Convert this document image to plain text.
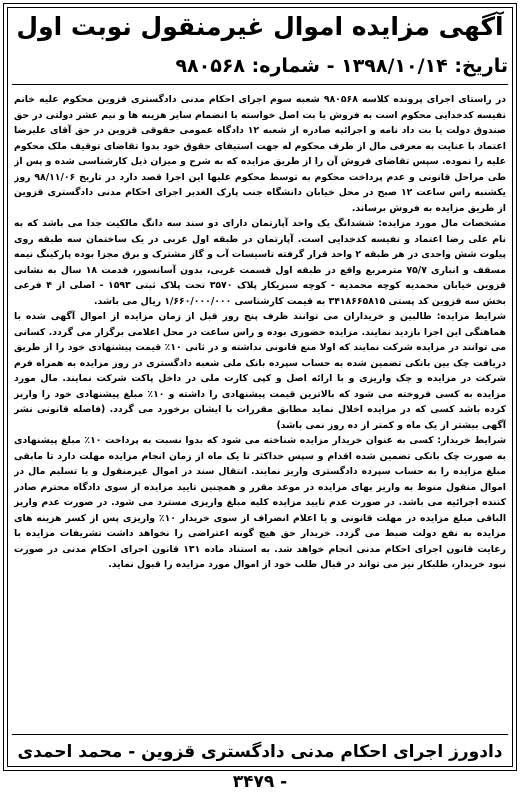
آگهی مزایده اموال غیرمنقول نوبت اول
تاریخ: ۱۳۹۸/۱۰/۱۴ - شماره: ۹۸۰۵۶۸

در راستای اجرای پرونده کلاسه ۹۸۰۵۶۸ شعبه سوم اجرای احکام مدنی دادگستری قزوین محکوم علیه خانم نفیسه کدخدایی محکوم است به فروش یا بت اصل خواسته با انضمام سایر هزینه ها و نیم عشر دولتی در حق صندوق دولت یا بت داد نامه و اجرائیه صادره از شعبه ۱۲ دادگاه عمومی حقوقی قزوین در حق آقای علیرضا اعتماد با عنایت به معرفی مال از طرف محکوم له جهت استیفای حقوق خود بدوا تقاضای توقیف ملک محکوم علیه را نموده. سپس تقاضای فروش آن را از طریق مزایده که به شرح و میزان ذیل کارشناسی شده و پس از طی مراحل قانونی و عدم پرداخت محکوم به توسط محکوم علیها این اجرا قصد دارد در تاریخ ۹۸/۱۱/۰۶ روز یکشنبه راس ساعت ۱۲ صبح در محل خیابان دانشگاه جنب پارک الغدیر اجرای احکام مدنی دادگستری قزوین از طریق مزایده به فروش برساند.

مشخصات مال مورد مزایده: ششدانگ یک واحد آپارتمان دارای دو سند سه دانگ مالکیت جدا می باشد که به نام علی رضا اعتماد و نفیسه کدخدایی است. آپارتمان در طبقه اول غربی در یک ساختمان سه طبقه روی پیلوت شش واحدی در هر طبقه ۲ واحد قرار گرفته تاسیسات آب و گاز مشترک و برق مجزا بوده پارکینگ نیمه مسقف و انباری ۷۵/۷ مترمربع واقع در طبقه اول قسمت غربی، بدون آسانسور، قدمت ۱۸ سال به نشانی قزوین خیابان محمدیه کوچه محمدیه - کوچه سبزیکار پلاک ۳۵۷۰ تحت پلاک ثبتی ۱۵۹۳ - اصلی از ۴ فرعی بخش سه قزوین کد پستی ۳۴۱۸۶۶۵۸۱۵ به قیمت کارشناسی ۱/۶۶۰/۰۰۰/۰۰۰ ریال می باشد.

شرایط مزایده: طالبین و خریداران می توانند ظرف پنج روز قبل از زمان مزایده از اموال آگهی شده با هماهنگی این اجرا بازدید نمایند. مزایده حضوری بوده و راس ساعت در محل اعلامی برگزار می گردد. کسانی می توانند در مزایده شرکت نمایند که اولا منع قانونی نداشته و در ثانی ۱۰٪ قیمت پیشنهادی خود را از طریق دریافت چک بین بانکی تضمین شده به حساب سپرده بانک ملی شعبه دادگستری در روز مزایده به همراه فرم شرکت در مزایده و چک واریزی و با ارائه اصل و کپی کارت ملی در داخل پاکت شرکت نمایند. مال مورد مزایده به کسی فروخته می شود که بالاترین قیمت پیشنهادی را داشته و ۱۰٪ مبلغ پیشنهادی خود را واریز کرده باشد کسی که در مزایده اخلال نماید مطابق مقررات با ایشان برخورد می گردد. (فاصله قانونی نشر آگهی بیشتر از یک ماه و کمتر از ده روز نمی باشد)

شرایط خریدار: کسی به عنوان خریدار مزایده شناخته می شود که بدوا نسبت به پرداخت ۱۰٪ مبلغ پیشنهادی به صورت چک بانکی تضمین شده اقدام و سپس حداکثر تا یک ماه از زمان انجام مزایده مهلت دارد تا مابقی مبلغ مزایده را به حساب سپرده دادگستری واریز نمایند. انتقال سند در اموال غیرمنقول و یا تسلیم مال در اموال منقول منوط به واریز بهای مزایده در موعد مقرر و همچنین تایید مزایده از سوی دادگاه محترم صادر کننده اجرائیه می باشد. در صورت عدم تایید مزایده کلیه مبلغ واریزی مسترد می شود. در صورت عدم واریز الباقی مبلغ مزایده در مهلت قانونی و یا اعلام انصراف از سوی خریدار ۱۰٪ واریزی پس از کسر هزینه های مزایده به نفع دولت ضبط می گردد. خریدار حق هیچ گونه اعتراضی را نخواهد داشت تشریفات مزایده با رعایت قانون اجرای احکام مدنی انجام خواهد شد. به استناد ماده ۱۳۱ قانون اجرای احکام مدنی در صورت نبود خریدار، طلبکار نیز می تواند در قبال طلب خود از اموال مورد مزایده را قبول نماید.

دادورز اجرای احکام مدنی دادگستری قزوین - محمد احمدی - ۳۴۷۹
